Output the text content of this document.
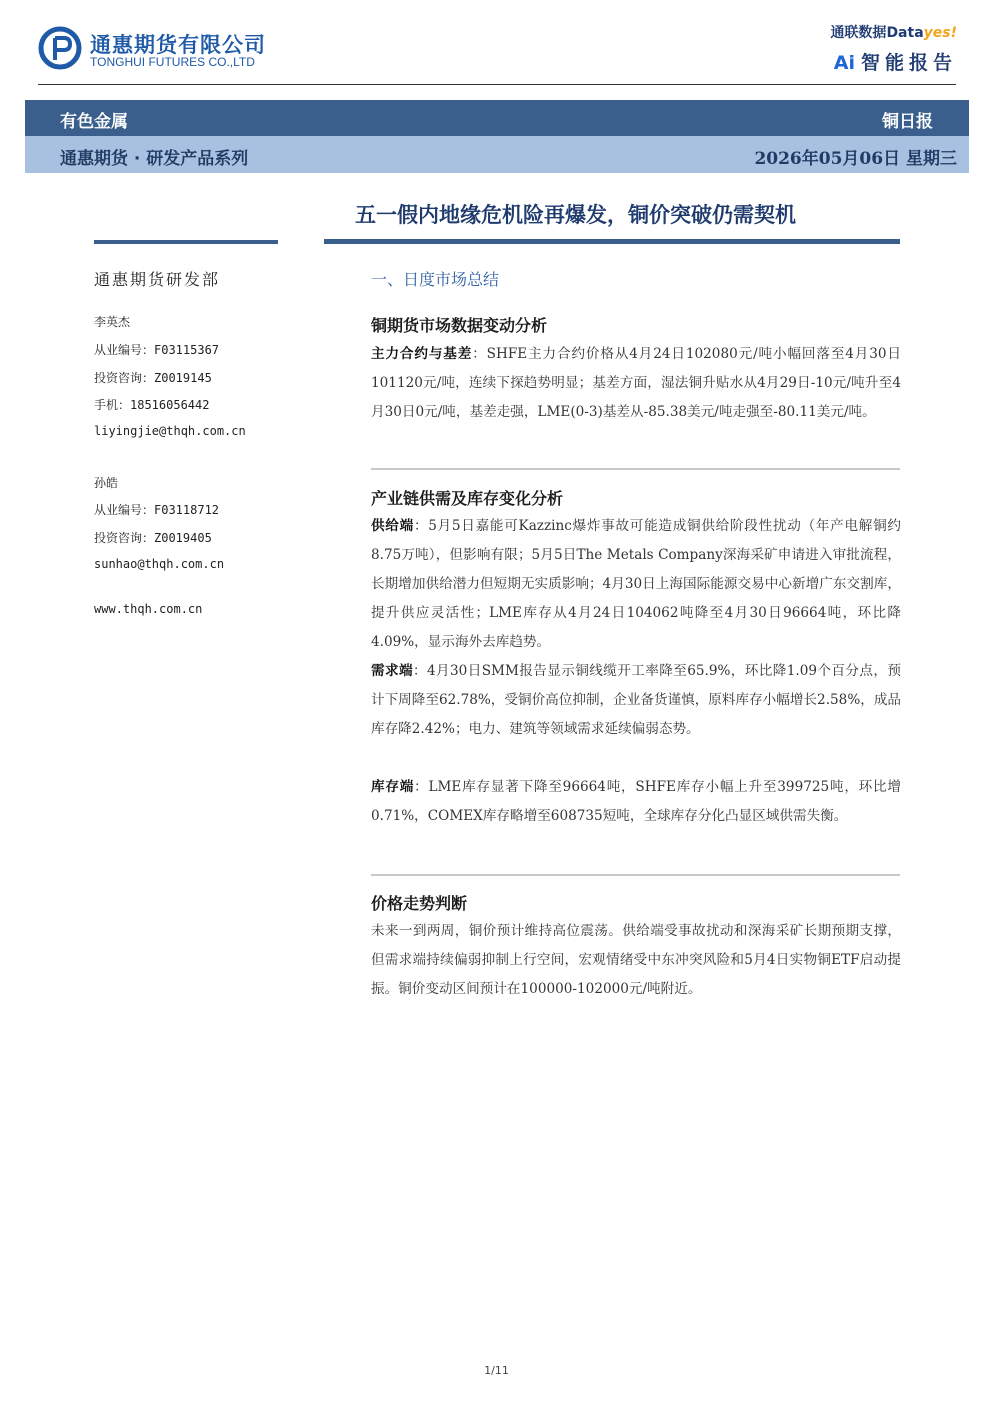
通惠期货有限公司
TONGHUI FUTURES CO.,LTD
通联数据Datayes!
Ai 智能报告
有色金属	铜日报
通惠期货 · 研发产品系列	2026年05月06日 星期三
五一假内地缘危机险再爆发，铜价突破仍需契机
通惠期货研发部
李英杰
从业编号：F03115367
投资咨询：Z0019145
手机：18516056442
liyingjie@thqh.com.cn
孙皓
从业编号：F03118712
投资咨询：Z0019405
sunhao@thqh.com.cn
www.thqh.com.cn
一、日度市场总结
铜期货市场数据变动分析
主力合约与基差：SHFE主力合约价格从4月24日102080元/吨小幅回落至4月30日101120元/吨，连续下探趋势明显；基差方面，湿法铜升贴水从4月29日-10元/吨升至4月30日0元/吨，基差走强，LME(0-3)基差从-85.38美元/吨走强至-80.11美元/吨。
产业链供需及库存变化分析
供给端：5月5日嘉能可Kazzinc爆炸事故可能造成铜供给阶段性扰动（年产电解铜约8.75万吨），但影响有限；5月5日The Metals Company深海采矿申请进入审批流程，长期增加供给潜力但短期无实质影响；4月30日上海国际能源交易中心新增广东交割库，提升供应灵活性；LME库存从4月24日104062吨降至4月30日96664吨，环比降4.09%，显示海外去库趋势。
需求端：4月30日SMM报告显示铜线缆开工率降至65.9%，环比降1.09个百分点，预计下周降至62.78%，受铜价高位抑制，企业备货谨慎，原料库存小幅增长2.58%，成品库存降2.42%；电力、建筑等领域需求延续偏弱态势。
库存端：LME库存显著下降至96664吨，SHFE库存小幅上升至399725吨，环比增0.71%，COMEX库存略增至608735短吨，全球库存分化凸显区域供需失衡。
价格走势判断
未来一到两周，铜价预计维持高位震荡。供给端受事故扰动和深海采矿长期预期支撑，但需求端持续偏弱抑制上行空间，宏观情绪受中东冲突风险和5月4日实物铜ETF启动提振。铜价变动区间预计在100000-102000元/吨附近。
1/11
